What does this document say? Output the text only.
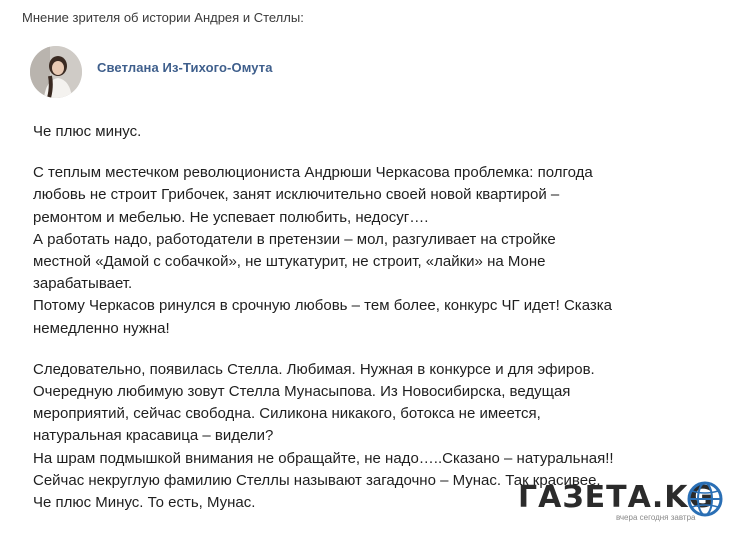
Мнение зрителя об истории Андрея и Стеллы:
Светлана Из-Тихого-Омута

Че плюс минус.

С теплым местечком революциониста Андрюши Черкасова проблемка: полгода

любовь не строит Грибочек, занят исключительно своей новой квартирой –

ремонтом и мебелью. Не успевает полюбить, недосуг….

А работать надо, работодатели в претензии – мол, разгуливает на стройке

местной «Дамой с собачкой», не штукатурит, не строит, «лайки» на Моне

зарабатывает.

Потому Черкасов ринулся в срочную любовь – тем более, конкурс ЧГ идет! Сказка

немедленно нужна!

Следовательно, появилась Стелла. Любимая. Нужная в конкурсе и для эфиров.

Очередную любимую зовут Стелла Мунасыпова. Из Новосибирска, ведущая

мероприятий, сейчас свободна. Силикона никакого, ботокса не имеется,

натуральная красавица – видели?

На шрам подмышкой внимания не обращайте, не надо…..Сказано – натуральная!!

Сейчас некруглую фамилию Стеллы называют загадочно – Мунас. Так красивее.

Че плюс Минус. То есть, Мунас.	ГАЗЕТА.KG
вчера сегодня завтра
